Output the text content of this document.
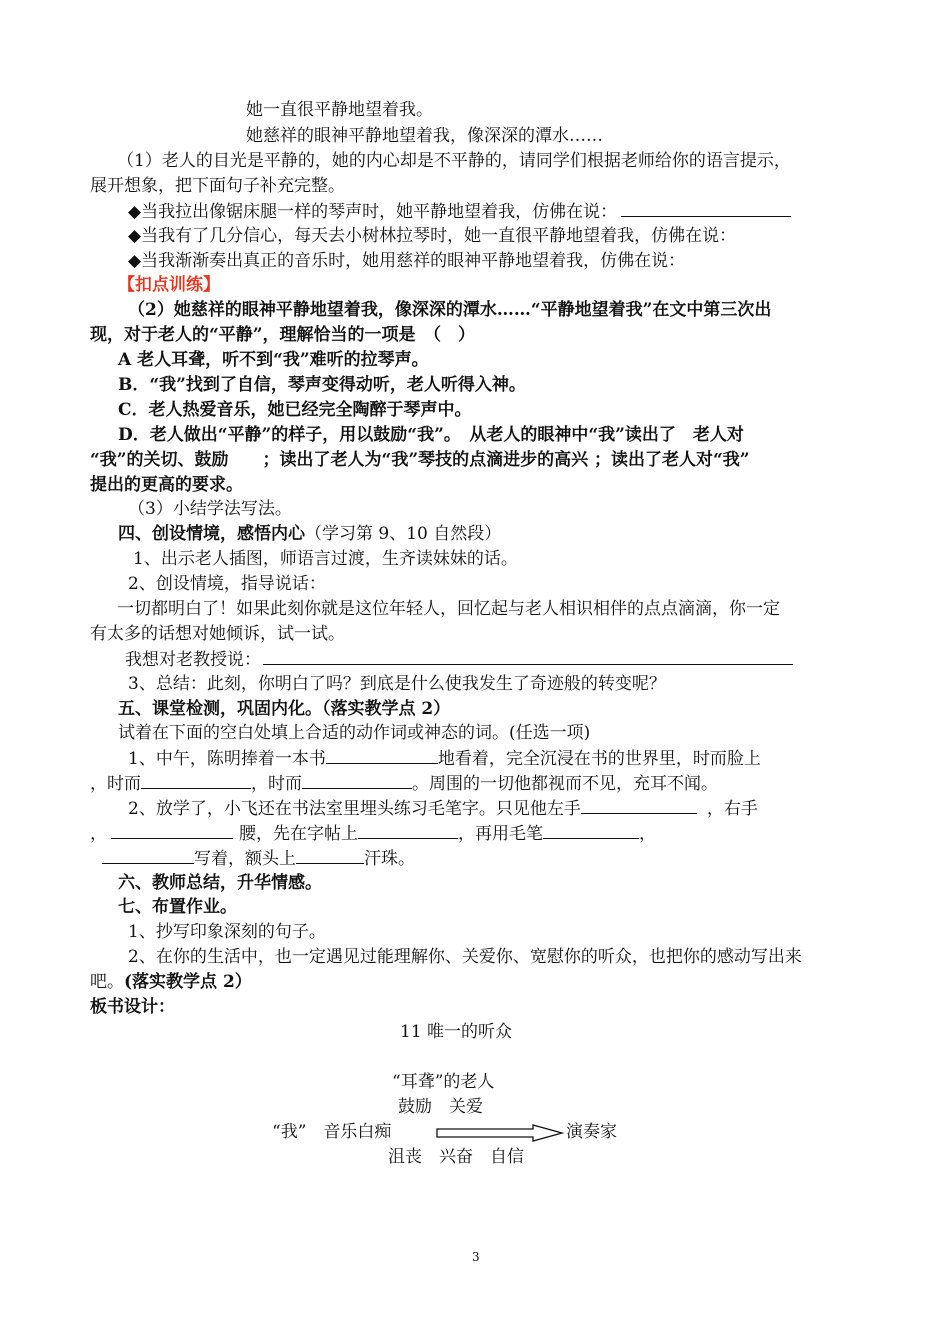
她一直很平静地望着我。
她慈祥的眼神平静地望着我，像深深的潭水……
（1）老人的目光是平静的，她的内心却是不平静的，请同学们根据老师给你的语言提示，
展开想象，把下面句子补充完整。
◆当我拉出像锯床腿一样的琴声时，她平静地望着我，仿佛在说：
◆当我有了几分信心，每天去小树林拉琴时，她一直很平静地望着我，仿佛在说：
◆当我渐渐奏出真正的音乐时，她用慈祥的眼神平静地望着我，仿佛在说：
【扣点训练】
（2）她慈祥的眼神平静地望着我，像深深的潭水……“平静地望着我”在文中第三次出
现，对于老人的“平静”，理解恰当的一项是　（　）
A 老人耳聋，听不到“我”难听的拉琴声。
B．“我”找到了自信，琴声变得动听，老人听得入神。
C．老人热爱音乐，她已经完全陶醉于琴声中。
D．老人做出“平静”的样子，用以鼓励“我”。　从老人的眼神中“我”读出了　老人对
“我”的关切、鼓励　　；读出了老人为“我”琴技的点滴进步的高兴 ；读出了老人对“我”
提出的更高的要求。
（3）小结学法写法。
四、创设情境，感悟内心（学习第 9、10 自然段）
1、出示老人插图，师语言过渡，生齐读妹妹的话。
2、创设情境，指导说话：
一切都明白了！如果此刻你就是这位年轻人，回忆起与老人相识相伴的点点滴滴，你一定
有太多的话想对她倾诉，试一试。
我想对老教授说：
3、总结：此刻，你明白了吗？到底是什么使我发生了奇迹般的转变呢？
五、课堂检测，巩固内化。（落实教学点 2）
试着在下面的空白处填上合适的动作词或神态的词。(任选一项)
1、中午，陈明捧着一本书	地看着，完全沉浸在书的世界里，时而脸上
，时而	，时而	。周围的一切他都视而不见，充耳不闻。
2、放学了，小飞还在书法室里埋头练习毛笔字。只见他左手	，右手
，	腰，先在字帖上	，再用毛笔	，
写着，额头上	汗珠。
六、教师总结，升华情感。
七、布置作业。
1、抄写印象深刻的句子。
2、在你的生活中，也一定遇见过能理解你、关爱你、宽慰你的听众，也把你的感动写出来
吧。(落实教学点 2）
板书设计：
11 唯一的听众
“耳聋”的老人
鼓励　关爱
“我”　音乐白痴	演奏家
沮丧　兴奋　自信
3
